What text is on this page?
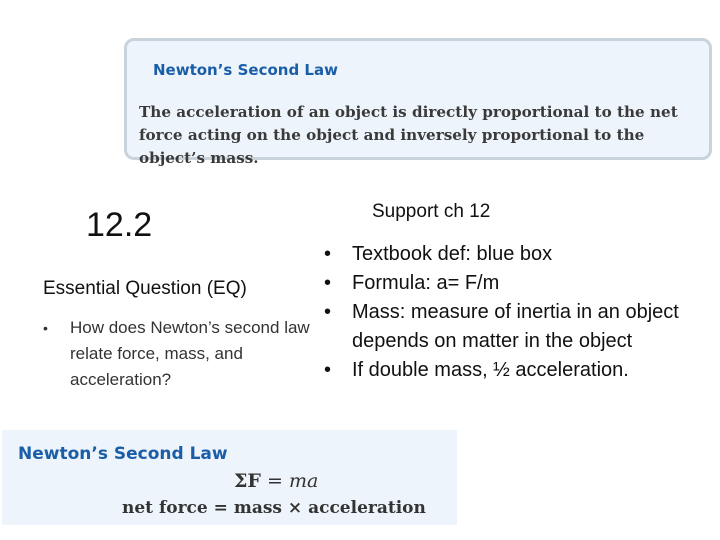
Newton’s Second Law
The acceleration of an object is directly proportional to the net force acting on the object and inversely proportional to the object’s mass.
12.2
Essential Question (EQ)
• How does Newton’s second law relate force, mass, and acceleration?
Support ch 12
• Textbook def: blue box
• Formula: a= F/m
• Mass: measure of inertia in an object depends on matter in the object
• If double mass, ½ acceleration.
Newton’s Second Law
ΣF = ma
net force = mass × acceleration
